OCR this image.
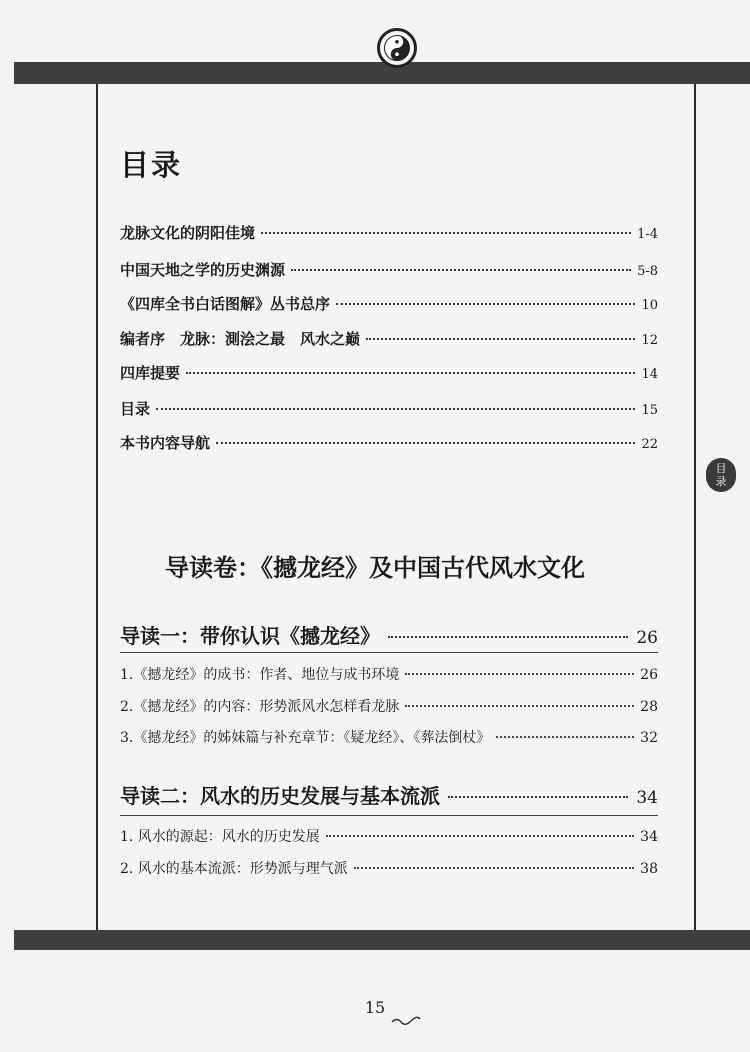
目
录
目录
龙脉文化的阴阳佳境	1-4
中国天地之学的历史渊源	5-8
《四库全书白话图解》丛书总序	10
编者序　龙脉：測浍之最　风水之巅	12
四库提要	14
目录	15
本书内容导航	22
导读卷：《撼龙经》及中国古代风水文化
导读一：带你认识《撼龙经》	26
1.《撼龙经》的成书：作者、地位与成书环境	26
2.《撼龙经》的内容：形势派风水怎样看龙脉	28
3.《撼龙经》的姊妹篇与补充章节：《疑龙经》、《葬法倒杖》	32
导读二：风水的历史发展与基本流派	34
1. 风水的源起：风水的历史发展	34
2. 风水的基本流派：形势派与理气派	38
15
